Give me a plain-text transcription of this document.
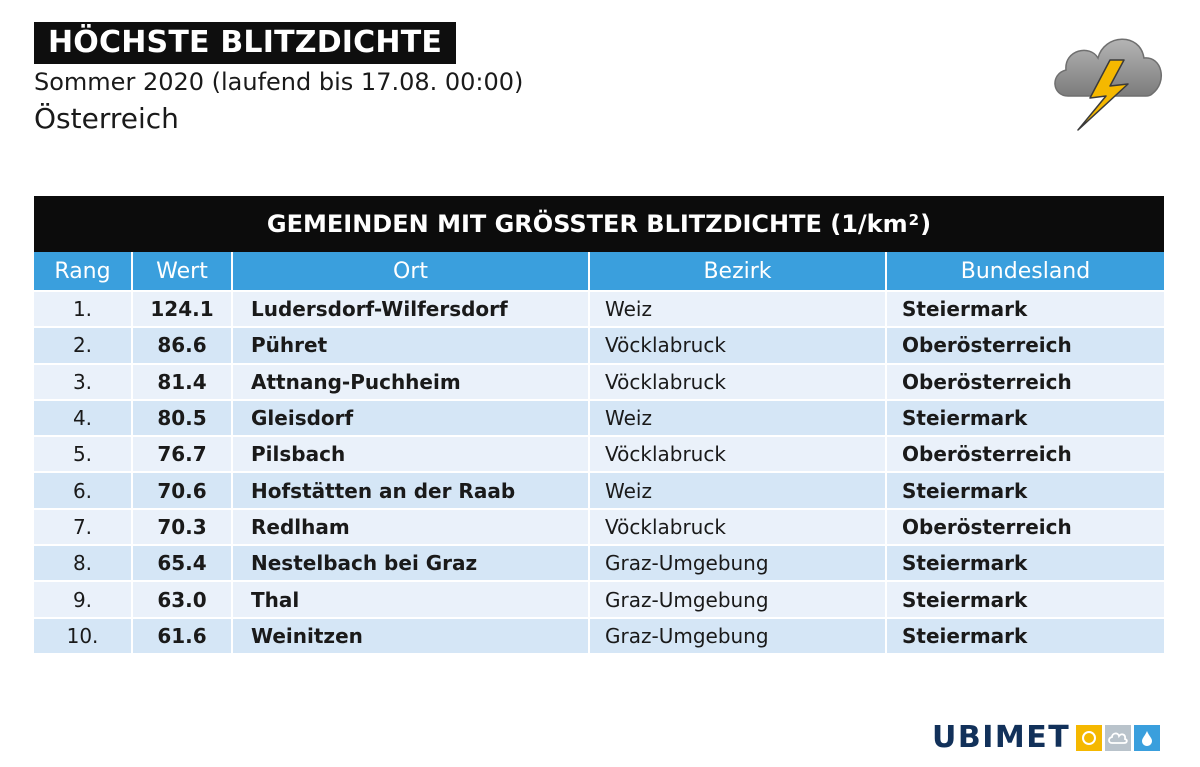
HÖCHSTE BLITZDICHTE
Sommer 2020 (laufend bis 17.08. 00:00)
Österreich
GEMEINDEN MIT GRÖSSTER BLITZDICHTE ($1/km^2$ )
Rang	Wert	Ort	Bezirk	Bundesland
1.	124.1	Ludersdorf-Wilfersdorf	Weiz	Steiermark
2.	86.6	Pühret	Vöcklabruck	Oberösterreich
3.	81.4	Attnang-Puchheim	Vöcklabruck	Oberösterreich
4.	80.5	Gleisdorf	Weiz	Steiermark
5.	76.7	Pilsbach	Vöcklabruck	Oberösterreich
6.	70.6	Hofstätten an der Raab	Weiz	Steiermark
7.	70.3	Redlham	Vöcklabruck	Oberösterreich
8.	65.4	Nestelbach bei Graz	Graz-Umgebung	Steiermark
9.	63.0	Thal	Graz-Umgebung	Steiermark
10.	61.6	Weinitzen	Graz-Umgebung	Steiermark
UBI MET
